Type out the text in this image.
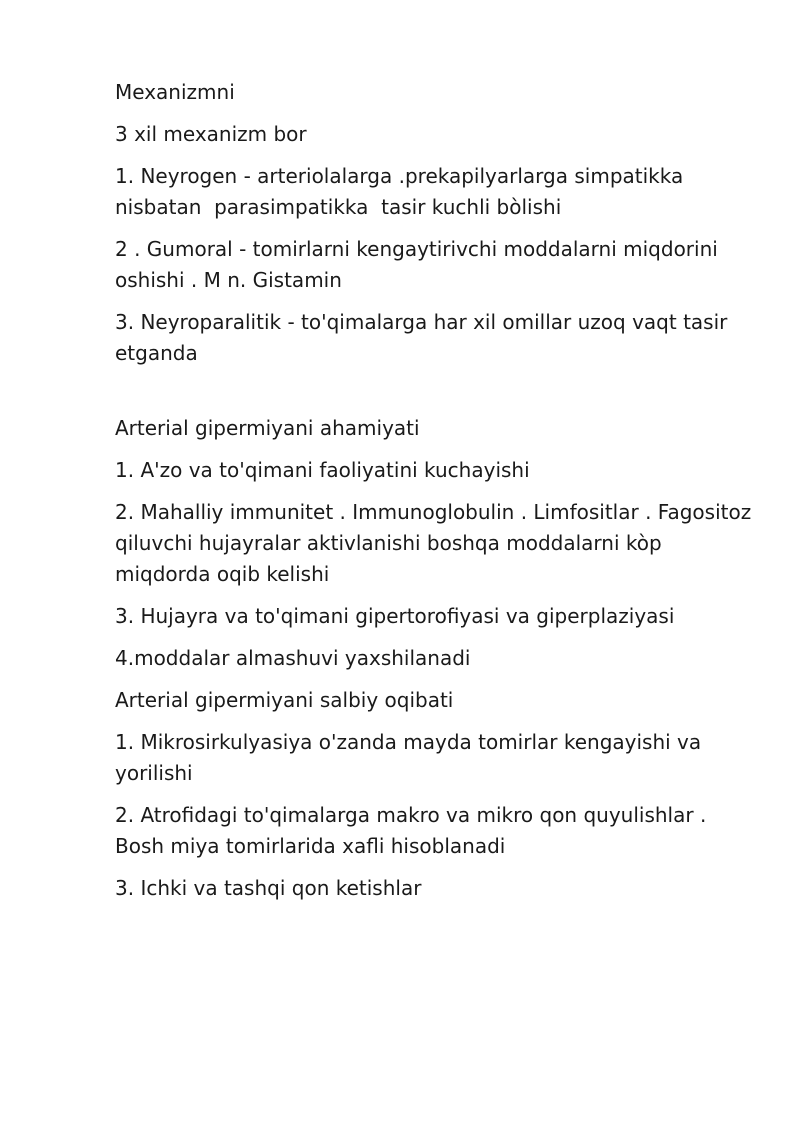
Mexanizmni

3 xil mexanizm bor

1. Neyrogen - arteriolalarga .prekapilyarlarga simpatikka nisbatan  parasimpatikka  tasir kuchli bòlishi

2 . Gumoral - tomirlarni kengaytirivchi moddalarni miqdorini oshishi . M n. Gistamin

3. Neyroparalitik - to'qimalarga har xil omillar uzoq vaqt tasir etganda

Arterial gipermiyani ahamiyati

1. A'zo va to'qimani faoliyatini kuchayishi

2. Mahalliy immunitet . Immunoglobulin . Limfositlar . Fagositoz qiluvchi hujayralar aktivlanishi boshqa moddalarni kòp miqdorda oqib kelishi

3. Hujayra va to'qimani gipertorofiyasi va giperplaziyasi

4.moddalar almashuvi yaxshilanadi

Arterial gipermiyani salbiy oqibati

1. Mikrosirkulyasiya o'zanda mayda tomirlar kengayishi va yorilishi

2. Atrofidagi to'qimalarga makro va mikro qon quyulishlar . Bosh miya tomirlarida xafli hisoblanadi

3. Ichki va tashqi qon ketishlar
